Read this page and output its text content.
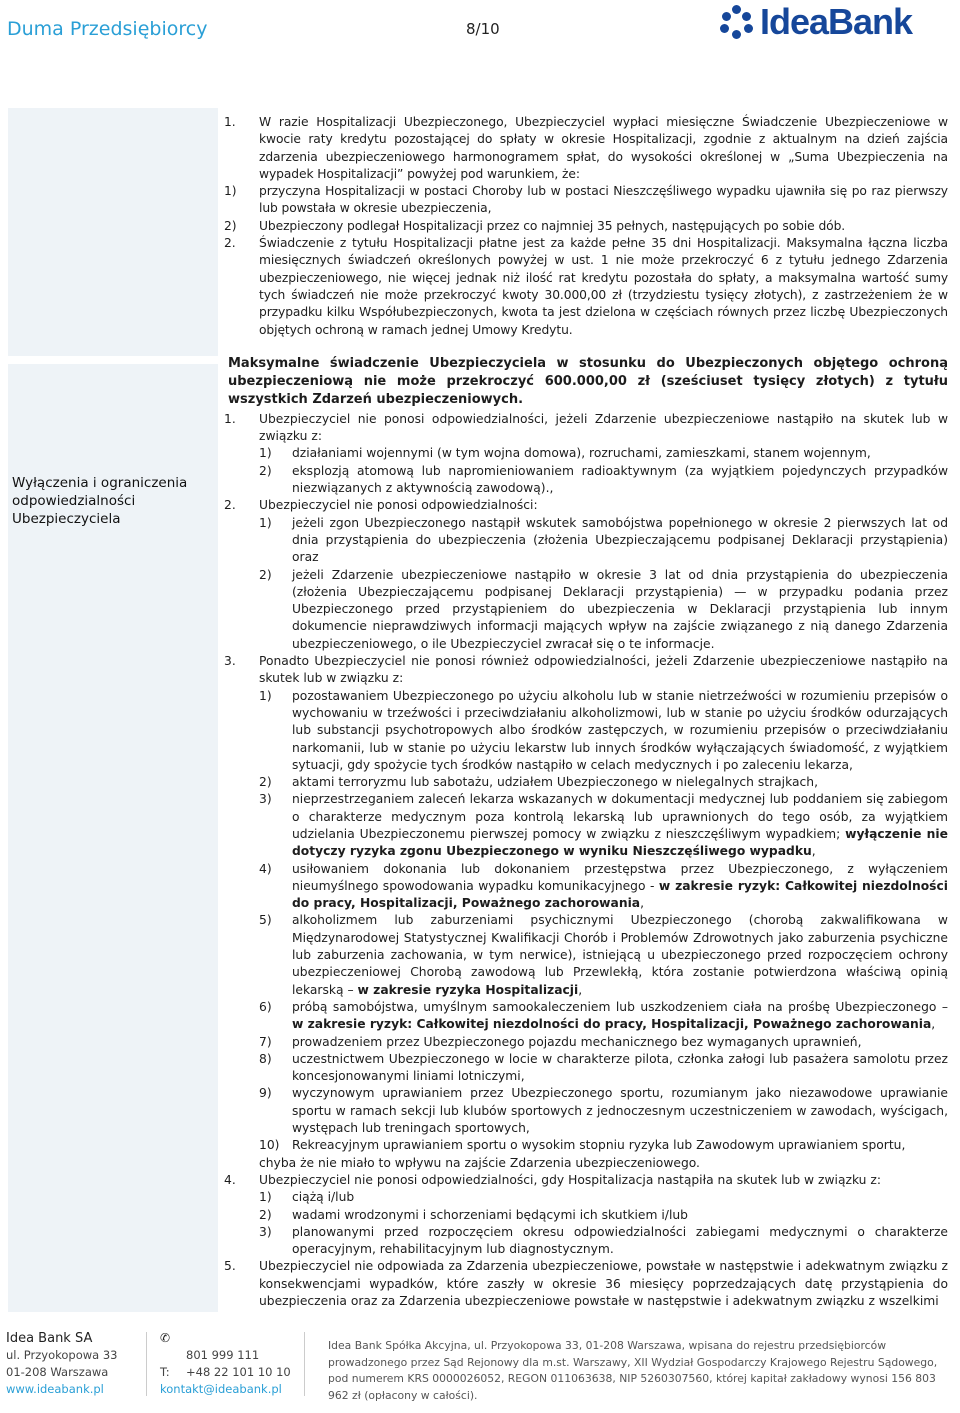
Duma Przedsiębiorcy	8/10	IdeaBank
Wyłączenia i ograniczenia odpowiedzialności Ubezpieczyciela
1.	W razie Hospitalizacji Ubezpieczonego, Ubezpieczyciel wypłaci miesięczne Świadczenie Ubezpieczeniowe w kwocie raty kredytu pozostającej do spłaty w okresie Hospitalizacji, zgodnie z aktualnym na dzień zajścia zdarzenia ubezpieczeniowego harmonogramem spłat, do wysokości określonej w „Suma Ubezpieczenia na wypadek Hospitalizacji” powyżej pod warunkiem, że:
1)	przyczyna Hospitalizacji w postaci Choroby lub w postaci Nieszczęśliwego wypadku ujawniła się po raz pierwszy lub powstała w okresie ubezpieczenia,
2)	Ubezpieczony podlegał Hospitalizacji przez co najmniej 35 pełnych, następujących po sobie dób.
2.	Świadczenie z tytułu Hospitalizacji płatne jest za każde pełne 35 dni Hospitalizacji. Maksymalna łączna liczba miesięcznych świadczeń określonych powyżej w ust. 1 nie może przekroczyć 6 z tytułu jednego Zdarzenia ubezpieczeniowego, nie więcej jednak niż ilość rat kredytu pozostała do spłaty, a maksymalna wartość sumy tych świadczeń nie może przekroczyć kwoty 30.000,00 zł (trzydziestu tysięcy złotych), z zastrzeżeniem że w przypadku kilku Współubezpieczonych, kwota ta jest dzielona w częściach równych przez liczbę Ubezpieczonych objętych ochroną w ramach jednej Umowy Kredytu.
Maksymalne świadczenie Ubezpieczyciela w stosunku do Ubezpieczonych objętego ochroną ubezpieczeniową nie może przekroczyć 600.000,00 zł (sześciuset tysięcy złotych) z tytułu wszystkich Zdarzeń ubezpieczeniowych.
1.	Ubezpieczyciel nie ponosi odpowiedzialności, jeżeli Zdarzenie ubezpieczeniowe nastąpiło na skutek lub w związku z:
1)	działaniami wojennymi (w tym wojna domowa), rozruchami, zamieszkami, stanem wojennym,
2)	eksplozją atomową lub napromieniowaniem radioaktywnym (za wyjątkiem pojedynczych przypadków niezwiązanych z aktywnością zawodową).,
2.	Ubezpieczyciel nie ponosi odpowiedzialności:
1)	jeżeli zgon Ubezpieczonego nastąpił wskutek samobójstwa popełnionego w okresie 2 pierwszych lat od dnia przystąpienia do ubezpieczenia (złożenia Ubezpieczającemu podpisanej Deklaracji przystąpienia) oraz
2)	jeżeli Zdarzenie ubezpieczeniowe nastąpiło w okresie 3 lat od dnia przystąpienia do ubezpieczenia (złożenia Ubezpieczającemu podpisanej Deklaracji przystąpienia) — w przypadku podania przez Ubezpieczonego przed przystąpieniem do ubezpieczenia w Deklaracji przystąpienia lub innym dokumencie nieprawdziwych informacji mających wpływ na zajście związanego z nią danego Zdarzenia ubezpieczeniowego, o ile Ubezpieczyciel zwracał się o te informacje.
3.	Ponadto Ubezpieczyciel nie ponosi również odpowiedzialności, jeżeli Zdarzenie ubezpieczeniowe nastąpiło na skutek lub w związku z:
1)	pozostawaniem Ubezpieczonego po użyciu alkoholu lub w stanie nietrzeźwości w rozumieniu przepisów o wychowaniu w trzeźwości i przeciwdziałaniu alkoholizmowi, lub w stanie po użyciu środków odurzających lub substancji psychotropowych albo środków zastępczych, w rozumieniu przepisów o przeciwdziałaniu narkomanii, lub w stanie po użyciu lekarstw lub innych środków wyłączających świadomość, z wyjątkiem sytuacji, gdy spożycie tych środków nastąpiło w celach medycznych i po zaleceniu lekarza,
2)	aktami terroryzmu lub sabotażu, udziałem Ubezpieczonego w nielegalnych strajkach,
3)	nieprzestrzeganiem zaleceń lekarza wskazanych w dokumentacji medycznej lub poddaniem się zabiegom o charakterze medycznym poza kontrolą lekarską lub uprawnionych do tego osób, za wyjątkiem udzielania Ubezpieczonemu pierwszej pomocy w związku z nieszczęśliwym wypadkiem; wyłączenie nie dotyczy ryzyka zgonu Ubezpieczonego w wyniku Nieszczęśliwego wypadku,
4)	usiłowaniem dokonania lub dokonaniem przestępstwa przez Ubezpieczonego, z wyłączeniem nieumyślnego spowodowania wypadku komunikacyjnego - w zakresie ryzyk: Całkowitej niezdolności do pracy, Hospitalizacji, Poważnego zachorowania,
5)	alkoholizmem lub zaburzeniami psychicznymi Ubezpieczonego (chorobą zakwalifikowana w Międzynarodowej Statystycznej Kwalifikacji Chorób i Problemów Zdrowotnych jako zaburzenia psychiczne lub zaburzenia zachowania, w tym nerwice), istniejącą u ubezpieczonego przed rozpoczęciem ochrony ubezpieczeniowej Chorobą zawodową lub Przewlekłą, która zostanie potwierdzona właściwą opinią lekarską – w zakresie ryzyka Hospitalizacji,
6)	próbą samobójstwa, umyślnym samookaleczeniem lub uszkodzeniem ciała na prośbę Ubezpieczonego – w zakresie ryzyk: Całkowitej niezdolności do pracy, Hospitalizacji, Poważnego zachorowania,
7)	prowadzeniem przez Ubezpieczonego pojazdu mechanicznego bez wymaganych uprawnień,
8)	uczestnictwem Ubezpieczonego w locie w charakterze pilota, członka załogi lub pasażera samolotu przez koncesjonowanymi liniami lotniczymi,
9)	wyczynowym uprawianiem przez Ubezpieczonego sportu, rozumianym jako niezawodowe uprawianie sportu w ramach sekcji lub klubów sportowych z jednoczesnym uczestniczeniem w zawodach, wyścigach, występach lub treningach sportowych,
10)	Rekreacyjnym uprawianiem sportu o wysokim stopniu ryzyka lub Zawodowym uprawianiem sportu,
chyba że nie miało to wpływu na zajście Zdarzenia ubezpieczeniowego.
4.	Ubezpieczyciel nie ponosi odpowiedzialności, gdy Hospitalizacja nastąpiła na skutek lub w związku z:
1)	ciążą i/lub
2)	wadami wrodzonymi i schorzeniami będącymi ich skutkiem i/lub
3)	planowanymi przed rozpoczęciem okresu odpowiedzialności zabiegami medycznymi o charakterze operacyjnym, rehabilitacyjnym lub diagnostycznym.
5.	Ubezpieczyciel nie odpowiada za Zdarzenia ubezpieczeniowe, powstałe w następstwie i adekwatnym związku z konsekwencjami wypadków, które zaszły w okresie 36 miesięcy poprzedzających datę przystąpienia do ubezpieczenia oraz za Zdarzenia ubezpieczeniowe powstałe w następstwie i adekwatnym związku z wszelkimi
Idea Bank SA
ul. Przyokopowa 33
01-208 Warszawa
www.ideabank.pl
✆
801 999 111
T:	+48 22 101 10 10
kontakt@ideabank.pl
Idea Bank Spółka Akcyjna, ul. Przyokopowa 33, 01-208 Warszawa, wpisana do rejestru przedsiębiorców prowadzonego przez Sąd Rejonowy dla m.st. Warszawy, XII Wydział Gospodarczy Krajowego Rejestru Sądowego, pod numerem KRS 0000026052, REGON 011063638, NIP 5260307560, której kapitał zakładowy wynosi 156 803 962 zł (opłacony w całości).
